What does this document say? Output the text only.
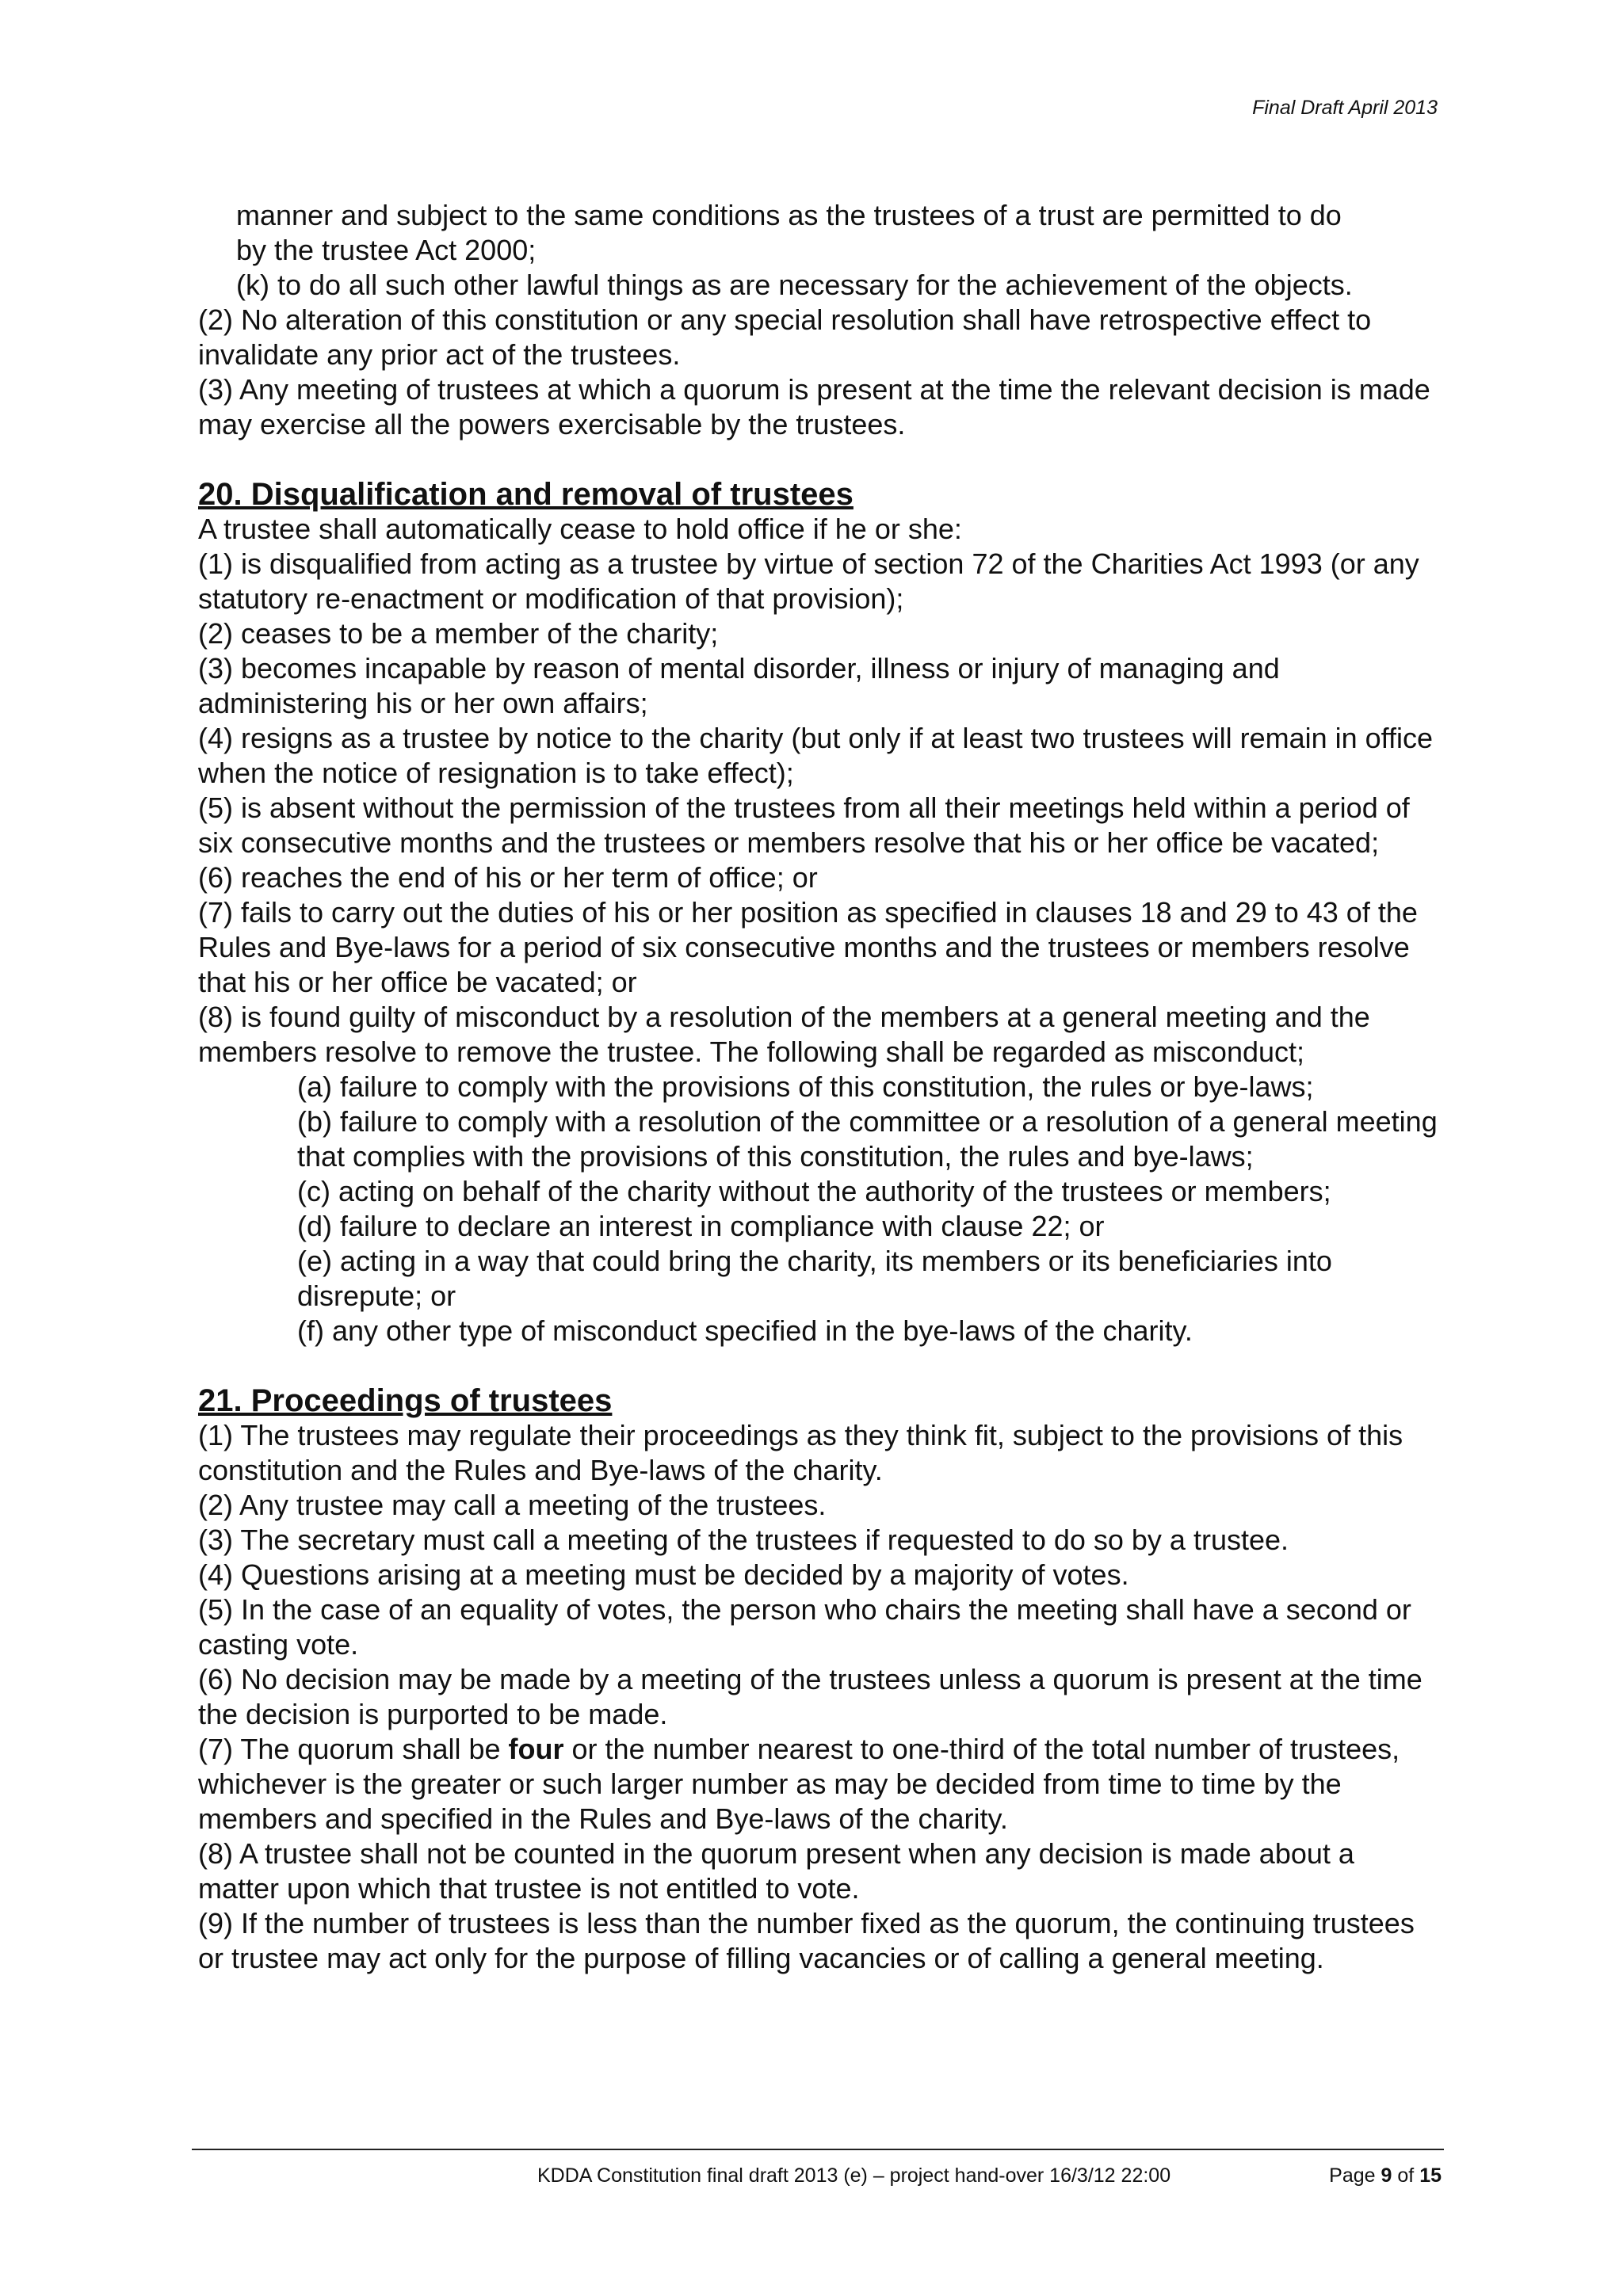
Final Draft April 2013

manner and subject to the same conditions as the trustees of a trust are permitted to do

by the trustee Act 2000;

(k) to do all such other lawful things as are necessary for the achievement of the objects.

(2) No alteration of this constitution or any special resolution shall have retrospective effect to invalidate any prior act of the trustees.

(3) Any meeting of trustees at which a quorum is present at the time the relevant decision is made may exercise all the powers exercisable by the trustees.

20. Disqualification and removal of trustees

A trustee shall automatically cease to hold office if he or she:

(1) is disqualified from acting as a trustee by virtue of section 72 of the Charities Act 1993 (or any statutory re-enactment or modification of that provision);

(2) ceases to be a member of the charity;

(3) becomes incapable by reason of mental disorder, illness or injury of managing and administering his or her own affairs;

(4) resigns as a trustee by notice to the charity (but only if at least two trustees will remain in office when the notice of resignation is to take effect);

(5) is absent without the permission of the trustees from all their meetings held within a period of six consecutive months and the trustees or members resolve that his or her office be vacated;

(6) reaches the end of his or her term of office; or

(7) fails to carry out the duties of his or her position as specified in clauses 18 and 29 to 43 of the Rules and Bye-laws for a period of six consecutive months and the trustees or members resolve that his or her office be vacated; or

(8) is found guilty of misconduct by a resolution of the members at a general meeting and the members resolve to remove the trustee. The following shall be regarded as misconduct;

(a) failure to comply with the provisions of this constitution, the rules or bye-laws;

(b) failure to comply with a resolution of the committee or a resolution of a general meeting that complies with the provisions of this constitution, the rules and bye-laws;

(c) acting on behalf of the charity without the authority of the trustees or members;

(d) failure to declare an interest in compliance with clause 22; or

(e) acting in a way that could bring the charity, its members or its beneficiaries into disrepute; or

(f) any other type of misconduct specified in the bye-laws of the charity.

21. Proceedings of trustees

(1) The trustees may regulate their proceedings as they think fit, subject to the provisions of this constitution and the Rules and Bye-laws of the charity.

(2) Any trustee may call a meeting of the trustees.

(3) The secretary must call a meeting of the trustees if requested to do so by a trustee.

(4) Questions arising at a meeting must be decided by a majority of votes.

(5) In the case of an equality of votes, the person who chairs the meeting shall have a second or casting vote.

(6) No decision may be made by a meeting of the trustees unless a quorum is present at the time the decision is purported to be made.

(7) The quorum shall be four or the number nearest to one-third of the total number of trustees, whichever is the greater or such larger number as may be decided from time to time by the members and specified in the Rules and Bye-laws of the charity.

(8) A trustee shall not be counted in the quorum present when any decision is made about a matter upon which that trustee is not entitled to vote.

(9) If the number of trustees is less than the number fixed as the quorum, the continuing trustees or trustee may act only for the purpose of filling vacancies or of calling a general meeting.

KDDA Constitution final draft 2013 (e) – project hand-over 16/3/12 22:00	Page 9 of 15
